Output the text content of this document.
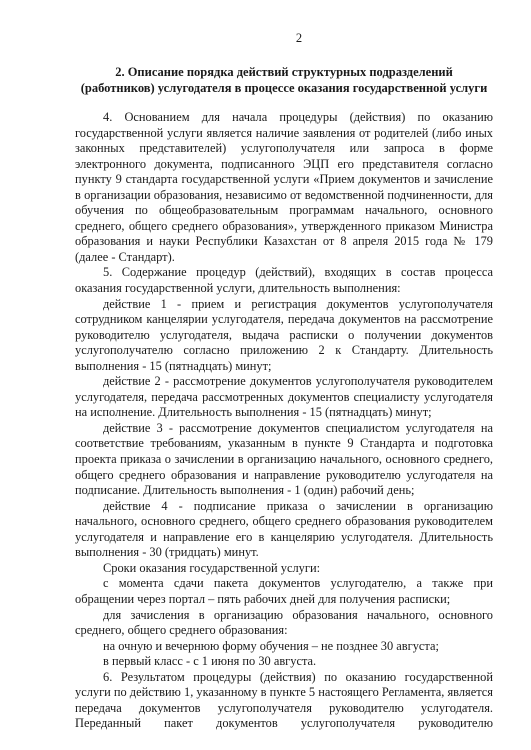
2
2. Описание порядка действий структурных подразделений
(работников) услугодателя в процессе оказания государственной услуги

4. Основанием для начала процедуры (действия) по оказанию государственной услуги является наличие заявления от родителей (либо иных законных представителей) услугополучателя или запроса в форме электронного документа, подписанного ЭЦП его представителя согласно пункту 9 стандарта государственной услуги «Прием документов и зачисление в организации образования, независимо от ведомственной подчиненности, для обучения по общеобразовательным программам начального, основного среднего, общего среднего образования», утвержденного приказом Министра образования и науки Республики Казахстан от 8 апреля 2015 года № 179 (далее - Стандарт).

5. Содержание процедур (действий), входящих в состав процесса оказания государственной услуги, длительность выполнения:

действие 1 - прием и регистрация документов услугополучателя сотрудником канцелярии услугодателя, передача документов на рассмотрение руководителю услугодателя, выдача расписки о получении документов услугополучателю согласно приложению 2 к Стандарту. Длительность выполнения - 15 (пятнадцать) минут;

действие 2 - рассмотрение документов услугополучателя руководителем услугодателя, передача рассмотренных документов специалисту услугодателя на исполнение. Длительность выполнения - 15 (пятнадцать) минут;

действие 3 - рассмотрение документов специалистом услугодателя на соответствие требованиям, указанным в пункте 9 Стандарта и подготовка проекта приказа о зачислении в организацию начального, основного среднего, общего среднего образования и направление руководителю услугодателя на подписание. Длительность выполнения - 1 (один) рабочий день;

действие 4 - подписание приказа о зачислении в организацию начального, основного среднего, общего среднего образования руководителем услугодателя и направление его в канцелярию услугодателя. Длительность выполнения - 30 (тридцать) минут.

Сроки оказания государственной услуги:

с момента сдачи пакета документов услугодателю, а также при обращении через портал – пять рабочих дней для получения расписки;

для зачисления в организацию образования начального, основного среднего, общего среднего образования:

на очную и вечернюю форму обучения – не позднее 30 августа;

в первый класс - с 1 июня по 30 августа.

6. Результатом процедуры (действия) по оказанию государственной услуги по действию 1, указанному в пункте 5 настоящего Регламента, является передача документов услугополучателя руководителю услугодателя. Переданный пакет документов услугополучателя руководителю
